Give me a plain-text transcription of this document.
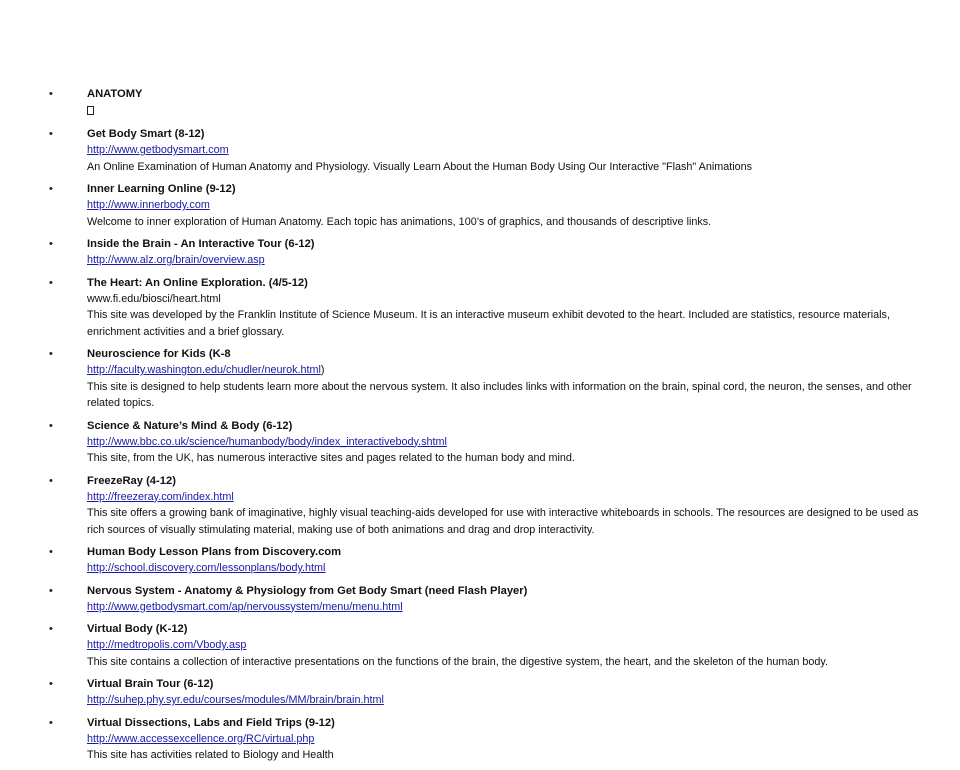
•	ANATOMY
•	Get Body Smart (8-12)
http://www.getbodysmart.com
An Online Examination of Human Anatomy and Physiology. Visually Learn About the Human Body Using Our Interactive "Flash" Animations
•	Inner Learning Online (9-12)
http://www.innerbody.com
Welcome to inner exploration of Human Anatomy. Each topic has animations, 100’s of graphics, and thousands of descriptive links.
•	Inside the Brain - An Interactive Tour (6-12)
http://www.alz.org/brain/overview.asp
•	The Heart: An Online Exploration. (4/5-12)
www.fi.edu/biosci/heart.html
This site was developed by the Franklin Institute of Science Museum. It is an interactive museum exhibit devoted to the heart. Included are statistics, resource materials, enrichment activities and a brief glossary.
•	Neuroscience for Kids (K-8
http://faculty.washington.edu/chudler/neurok.html)
This site is designed to help students learn more about the nervous system. It also includes links with information on the brain, spinal cord, the neuron, the senses, and other related topics.
•	Science & Nature’s Mind & Body (6-12)
http://www.bbc.co.uk/science/humanbody/body/index_interactivebody.shtml
This site, from the UK, has numerous interactive sites and pages related to the human body and mind.
•	FreezeRay (4-12)
http://freezeray.com/index.html
This site offers a growing bank of imaginative, highly visual teaching-aids developed for use with interactive whiteboards in schools. The resources are designed to be used as rich sources of visually stimulating material, making use of both animations and drag and drop interactivity.
•	Human Body Lesson Plans from Discovery.com
http://school.discovery.com/lessonplans/body.html
•	Nervous System - Anatomy & Physiology from Get Body Smart (need Flash Player)
http://www.getbodysmart.com/ap/nervoussystem/menu/menu.html
•	Virtual Body (K-12)
http://medtropolis.com/Vbody.asp
This site contains a collection of interactive presentations on the functions of the brain, the digestive system, the heart, and the skeleton of the human body.
•	Virtual Brain Tour (6-12)
http://suhep.phy.syr.edu/courses/modules/MM/brain/brain.html
•	Virtual Dissections, Labs and Field Trips (9-12)
http://www.accessexcellence.org/RC/virtual.php
This site has activities related to Biology and Health
